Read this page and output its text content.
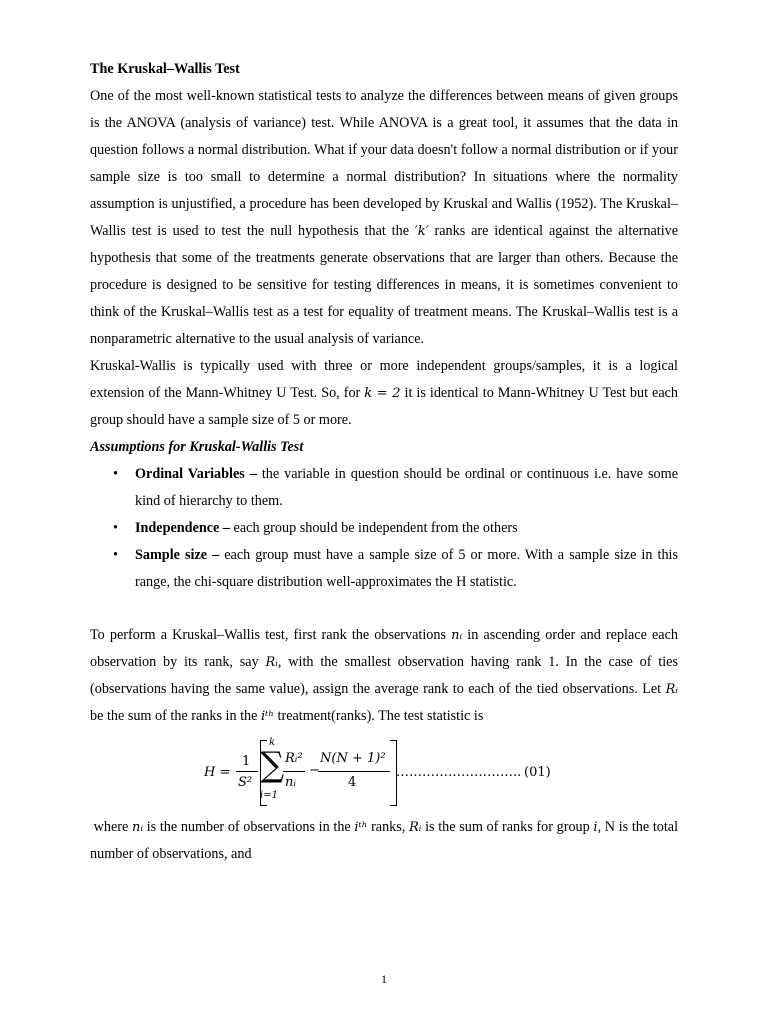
The Kruskal–Wallis Test

One of the most well-known statistical tests to analyze the differences between means of given groups is the ANOVA (analysis of variance) test. While ANOVA is a great tool, it assumes that the data in question follows a normal distribution. What if your data doesn't follow a normal distribution or if your sample size is too small to determine a normal distribution? In situations where the normality assumption is unjustified, a procedure has been developed by Kruskal and Wallis (1952). The Kruskal–Wallis test is used to test the null hypothesis that the ′k′ ranks are identical against the alternative hypothesis that some of the treatments generate observations that are larger than others. Because the procedure is designed to be sensitive for testing differences in means, it is sometimes convenient to think of the Kruskal–Wallis test as a test for equality of treatment means. The Kruskal–Wallis test is a nonparametric alternative to the usual analysis of variance.

Kruskal-Wallis is typically used with three or more independent groups/samples, it is a logical extension of the Mann-Whitney U Test. So, for k = 2 it is identical to Mann-Whitney U Test but each group should have a sample size of 5 or more.

Assumptions for Kruskal-Wallis Test

• Ordinal Variables – the variable in question should be ordinal or continuous i.e. have some kind of hierarchy to them.
• Independence – each group should be independent from the others
• Sample size – each group must have a sample size of 5 or more. With a sample size in this range, the chi-square distribution well-approximates the H statistic.

To perform a Kruskal–Wallis test, first rank the observations nᵢ in ascending order and replace each observation by its rank, say Rᵢ, with the smallest observation having rank 1. In the case of ties (observations having the same value), assign the average rank to each of the tied observations. Let Rᵢ be the sum of the ranks in the iᵗʰ treatment(ranks). The test statistic is

H =
1
S²
k
∑
i=1
Rᵢ²
nᵢ
−
N(N + 1)²
4
……………………….. (01)

where nᵢ is the number of observations in the iᵗʰ ranks, Rᵢ is the sum of ranks for group i, N is the total number of observations, and

1
